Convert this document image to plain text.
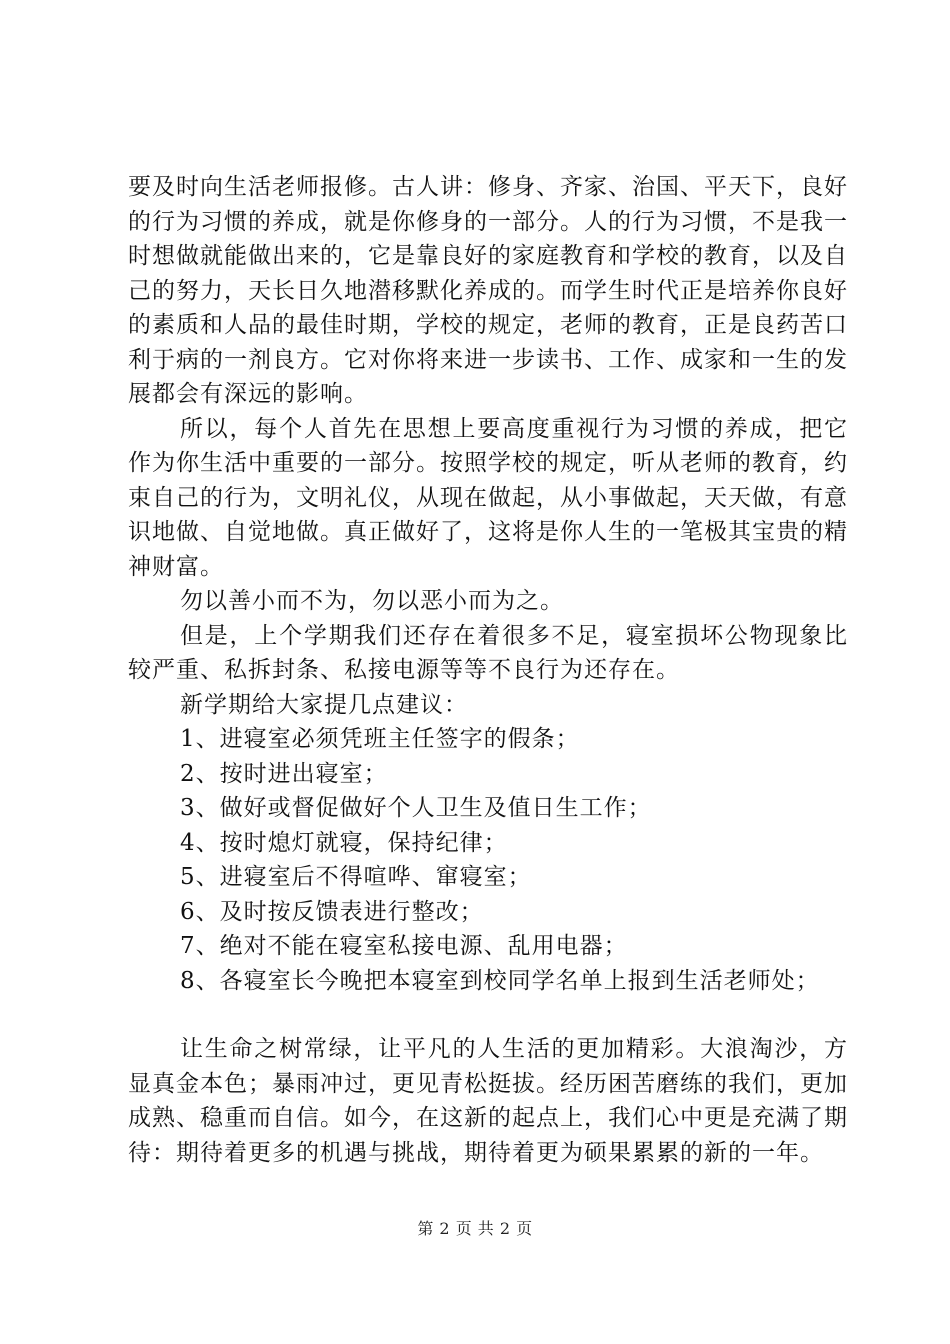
要及时向生活老师报修。古人讲：修身、齐家、治国、平天下，良好的行为习惯的养成，就是你修身的一部分。人的行为习惯，不是我一时想做就能做出来的，它是靠良好的家庭教育和学校的教育，以及自己的努力，天长日久地潜移默化养成的。而学生时代正是培养你良好的素质和人品的最佳时期，学校的规定，老师的教育，正是良药苦口利于病的一剂良方。它对你将来进一步读书、工作、成家和一生的发展都会有深远的影响。

所以，每个人首先在思想上要高度重视行为习惯的养成，把它作为你生活中重要的一部分。按照学校的规定，听从老师的教育，约束自己的行为，文明礼仪，从现在做起，从小事做起，天天做，有意识地做、自觉地做。真正做好了，这将是你人生的一笔极其宝贵的精神财富。

勿以善小而不为，勿以恶小而为之。

但是，上个学期我们还存在着很多不足，寝室损坏公物现象比较严重、私拆封条、私接电源等等不良行为还存在。

新学期给大家提几点建议：

1、进寝室必须凭班主任签字的假条；
2、按时进出寝室；
3、做好或督促做好个人卫生及值日生工作；
4、按时熄灯就寝，保持纪律；
5、进寝室后不得喧哗、窜寝室；
6、及时按反馈表进行整改；
7、绝对不能在寝室私接电源、乱用电器；
8、各寝室长今晚把本寝室到校同学名单上报到生活老师处；

让生命之树常绿，让平凡的人生活的更加精彩。大浪淘沙，方显真金本色；暴雨冲过，更见青松挺拔。经历困苦磨练的我们，更加成熟、稳重而自信。如今，在这新的起点上，我们心中更是充满了期待：期待着更多的机遇与挑战，期待着更为硕果累累的新的一年。

第 2 页 共 2 页
